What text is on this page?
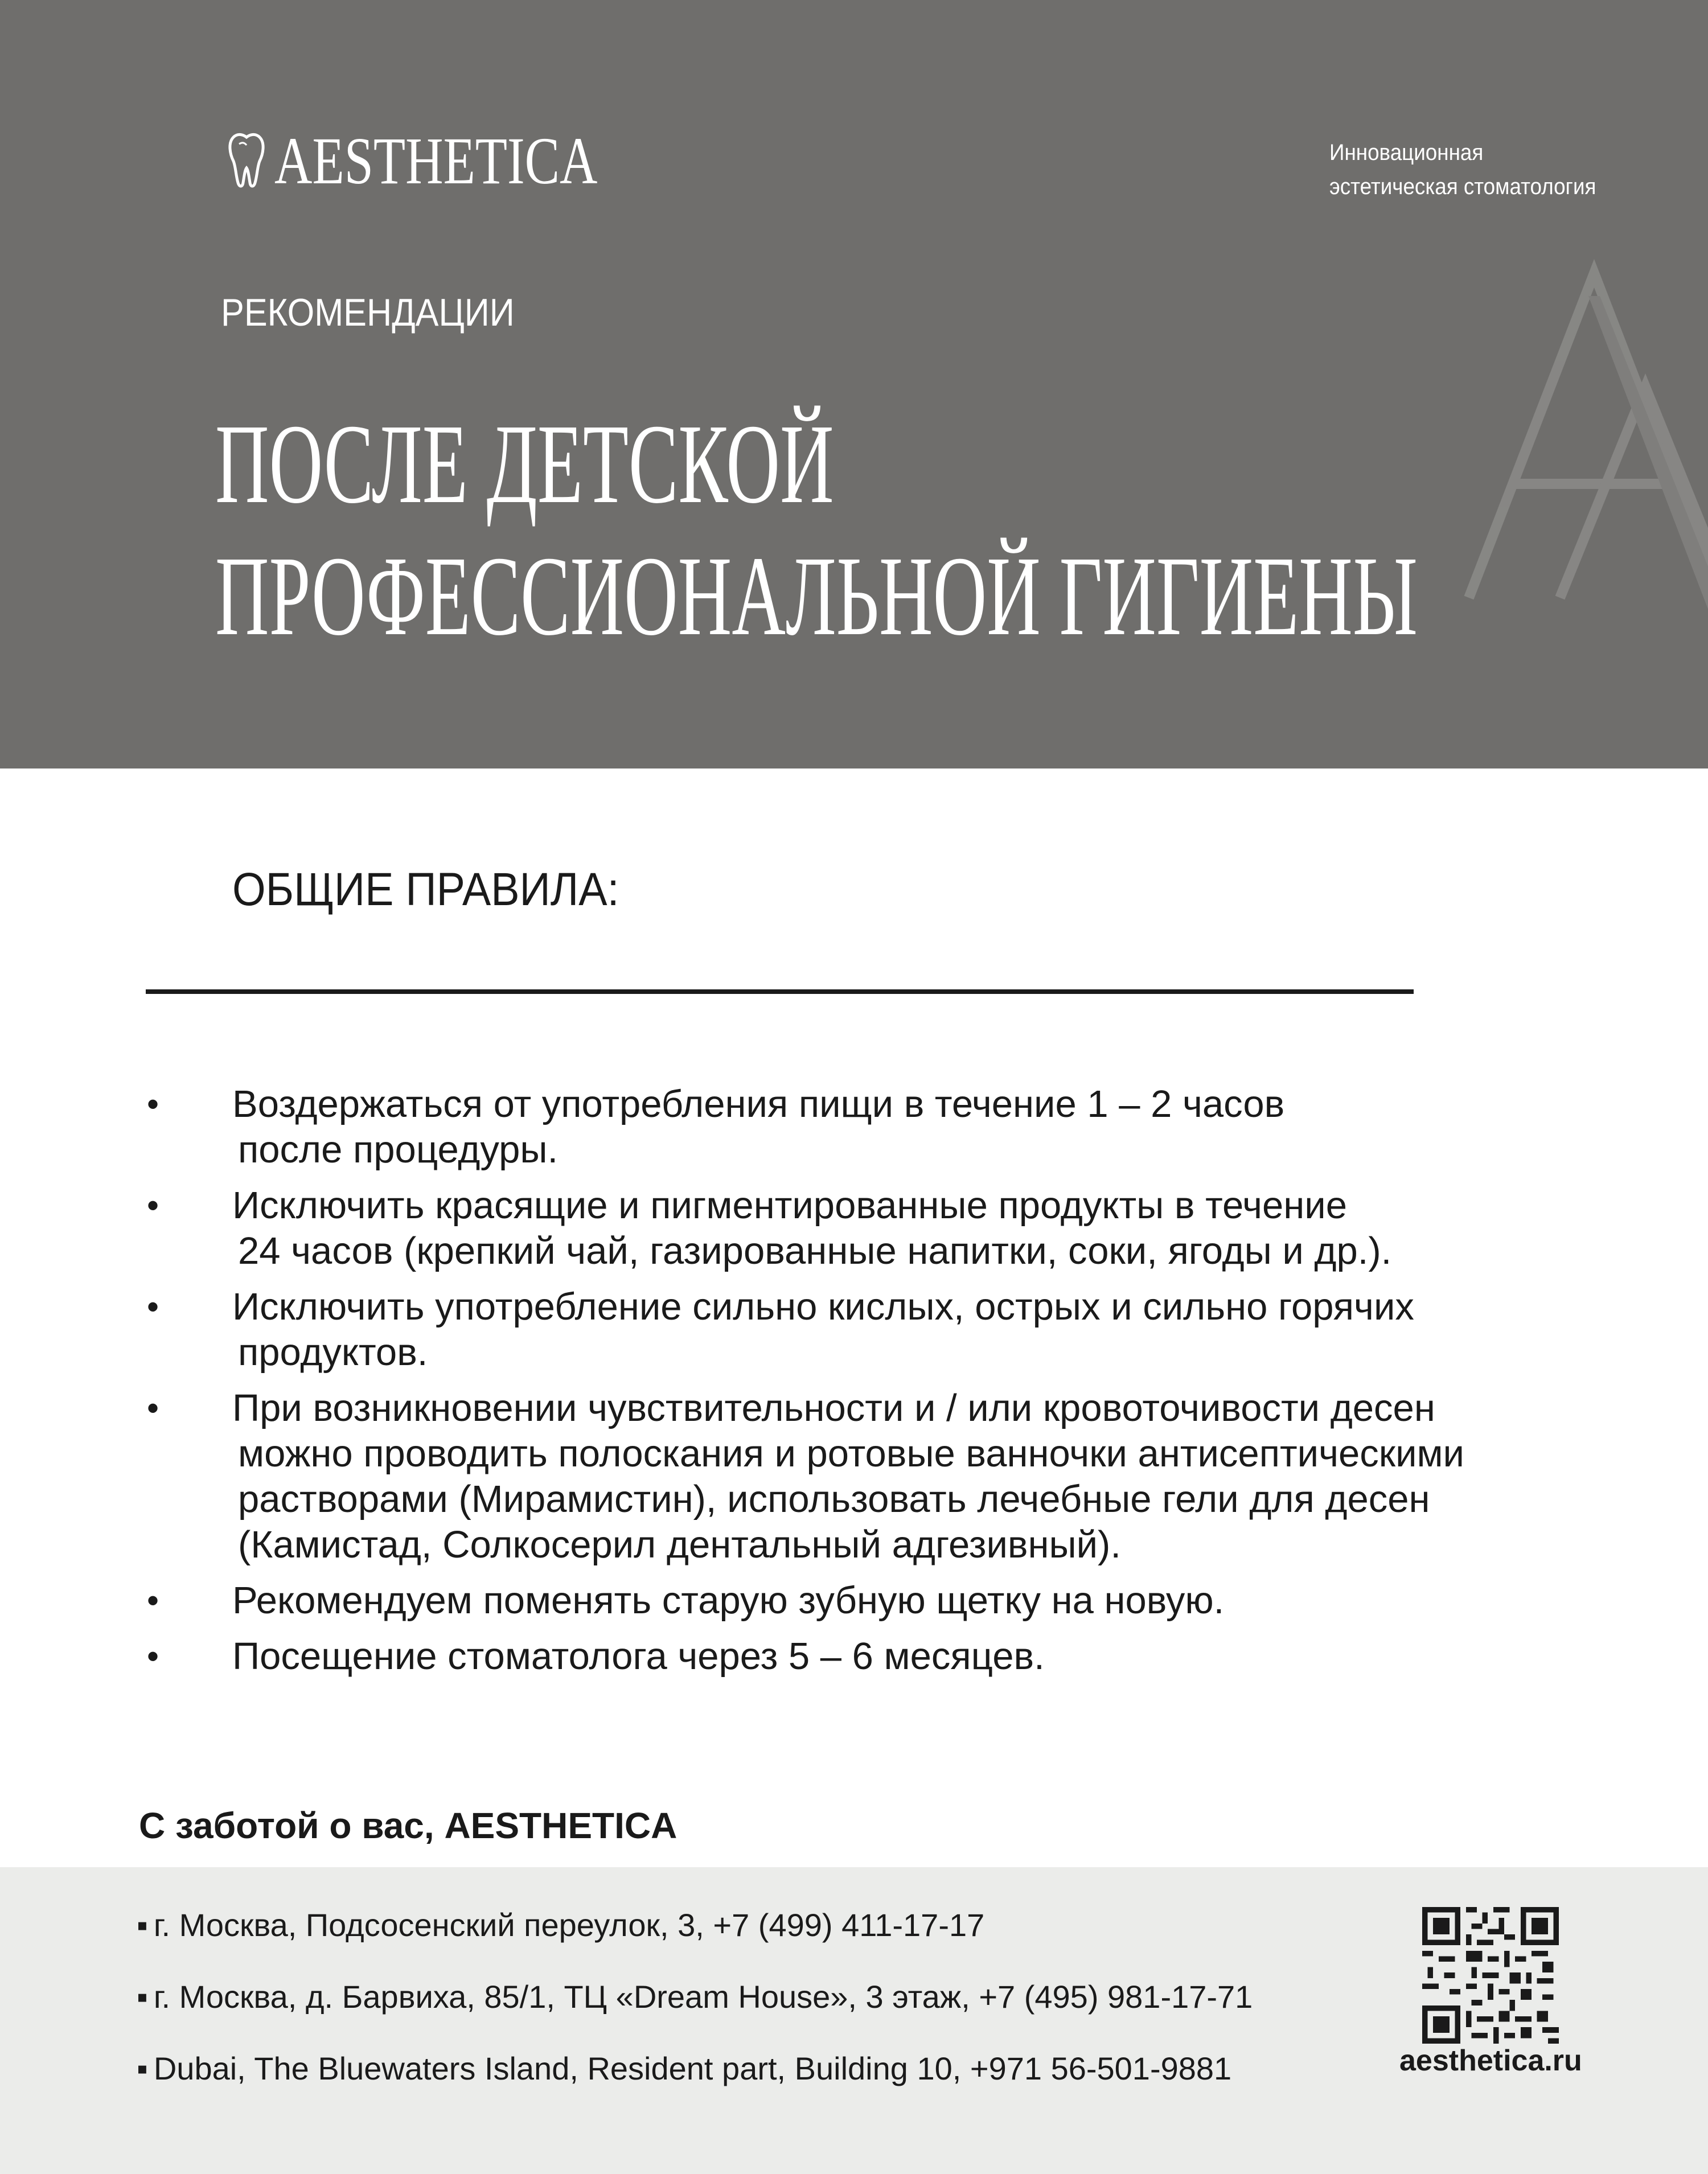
AESTHETICA	Инновационная
эстетическая стоматология
РЕКОМЕНДАЦИИ
ПОСЛЕ ДЕТСКОЙ
ПРОФЕССИОНАЛЬНОЙ ГИГИЕНЫ
ОБЩИЕ ПРАВИЛА:
• Воздержаться от употребления пищи в течение 1 – 2 часов
после процедуры.
• Исключить красящие и пигментированные продукты в течение
24 часов (крепкий чай, газированные напитки, соки, ягоды и др.).
• Исключить употребление сильно кислых, острых и сильно горячих
продуктов.
• При возникновении чувствительности и / или кровоточивости десен
можно проводить полоскания и ротовые ванночки антисептическими
растворами (Мирамистин), использовать лечебные гели для десен
(Камистад, Солкосерил дентальный адгезивный).
• Рекомендуем поменять старую зубную щетку на новую.
• Посещение стоматолога через 5 – 6 месяцев.
С заботой о вас, AESTHETICA
▪ г. Москва, Подсосенский переулок, 3, +7 (499) 411-17-17
▪ г. Москва, д. Барвиха, 85/1, ТЦ «Dream House», 3 этаж, +7 (495) 981-17-71
▪ Dubai, The Bluewaters Island, Resident part, Building 10, +971 56-501-9881	aesthetica.ru
